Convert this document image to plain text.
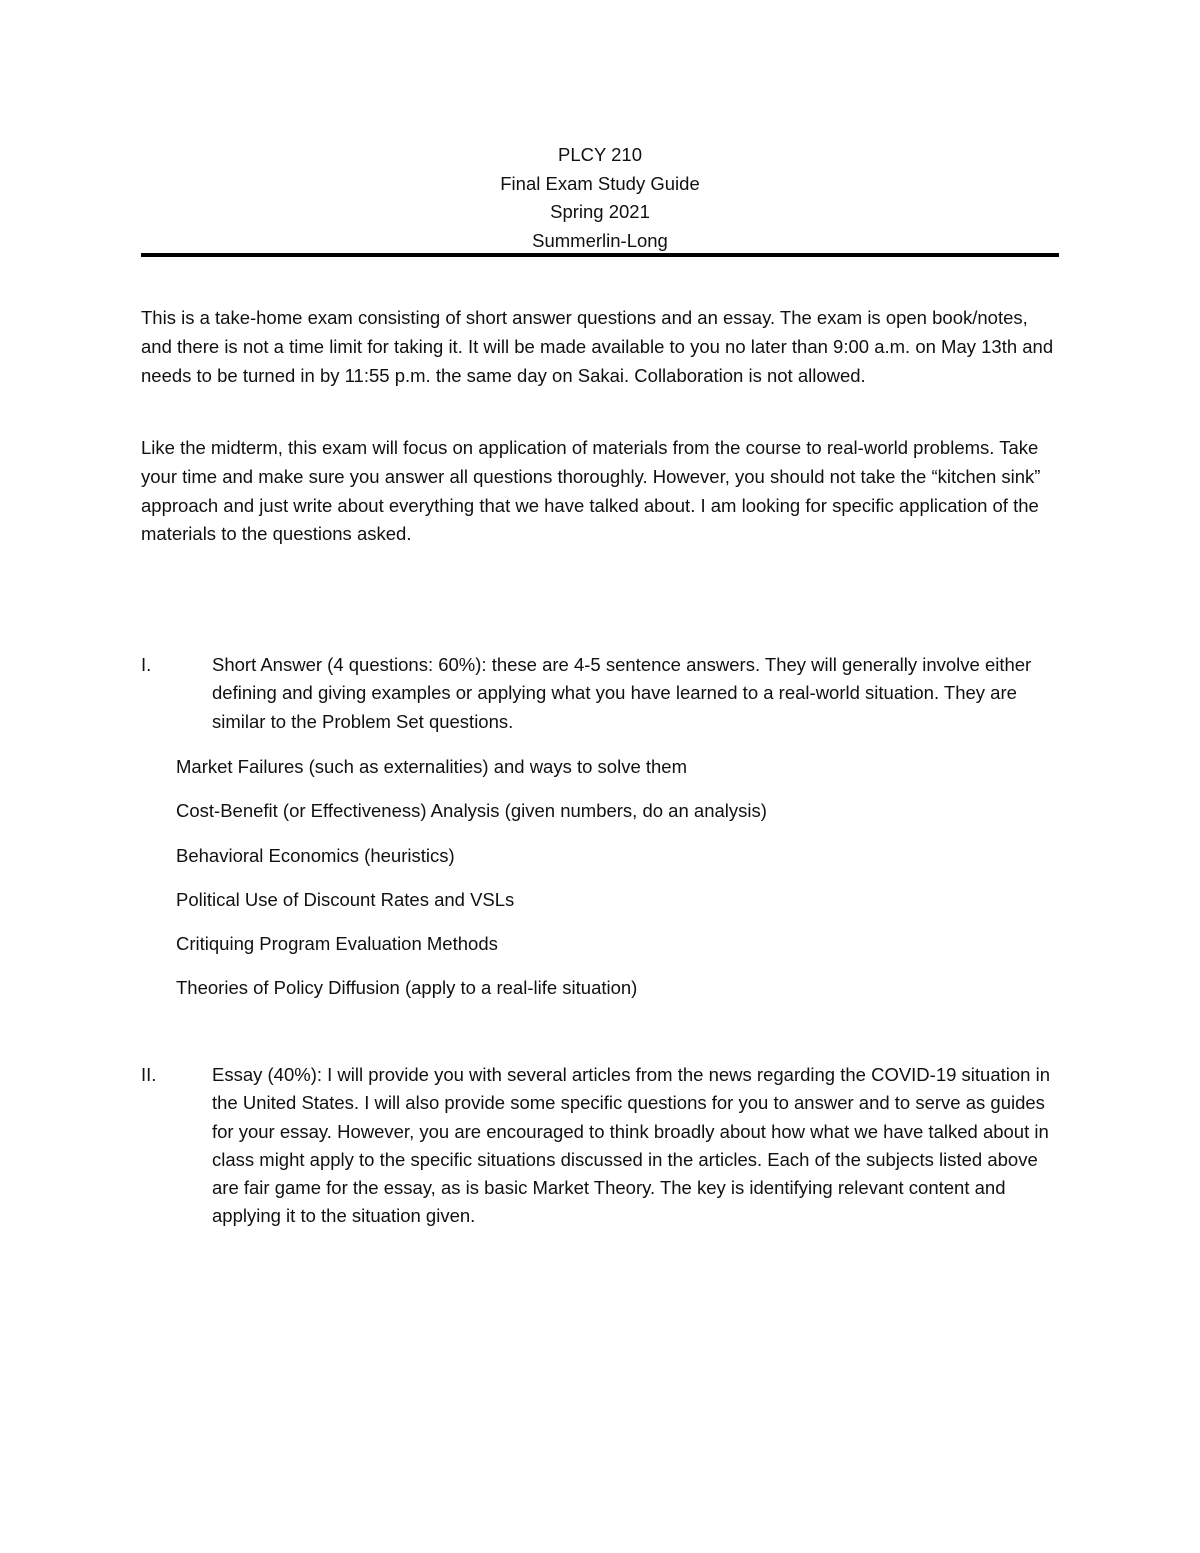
PLCY 210
Final Exam Study Guide
Spring 2021
Summerlin-Long

This is a take-home exam consisting of short answer questions and an essay. The exam is open book/notes, and there is not a time limit for taking it. It will be made available to you no later than 9:00 a.m. on May 13th and needs to be turned in by 11:55 p.m. the same day on Sakai. Collaboration is not allowed.

Like the midterm, this exam will focus on application of materials from the course to real-world problems. Take your time and make sure you answer all questions thoroughly. However, you should not take the “kitchen sink” approach and just write about everything that we have talked about. I am looking for specific application of the materials to the questions asked.

I.	Short Answer (4 questions: 60%): these are 4-5 sentence answers. They will generally involve either defining and giving examples or applying what you have learned to a real-world situation. They are similar to the Problem Set questions.
Market Failures (such as externalities) and ways to solve them
Cost-Benefit (or Effectiveness) Analysis (given numbers, do an analysis)
Behavioral Economics (heuristics)
Political Use of Discount Rates and VSLs
Critiquing Program Evaluation Methods
Theories of Policy Diffusion (apply to a real-life situation)
II.	Essay (40%): I will provide you with several articles from the news regarding the COVID-19 situation in the United States. I will also provide some specific questions for you to answer and to serve as guides for your essay. However, you are encouraged to think broadly about how what we have talked about in class might apply to the specific situations discussed in the articles. Each of the subjects listed above are fair game for the essay, as is basic Market Theory. The key is identifying relevant content and applying it to the situation given.
